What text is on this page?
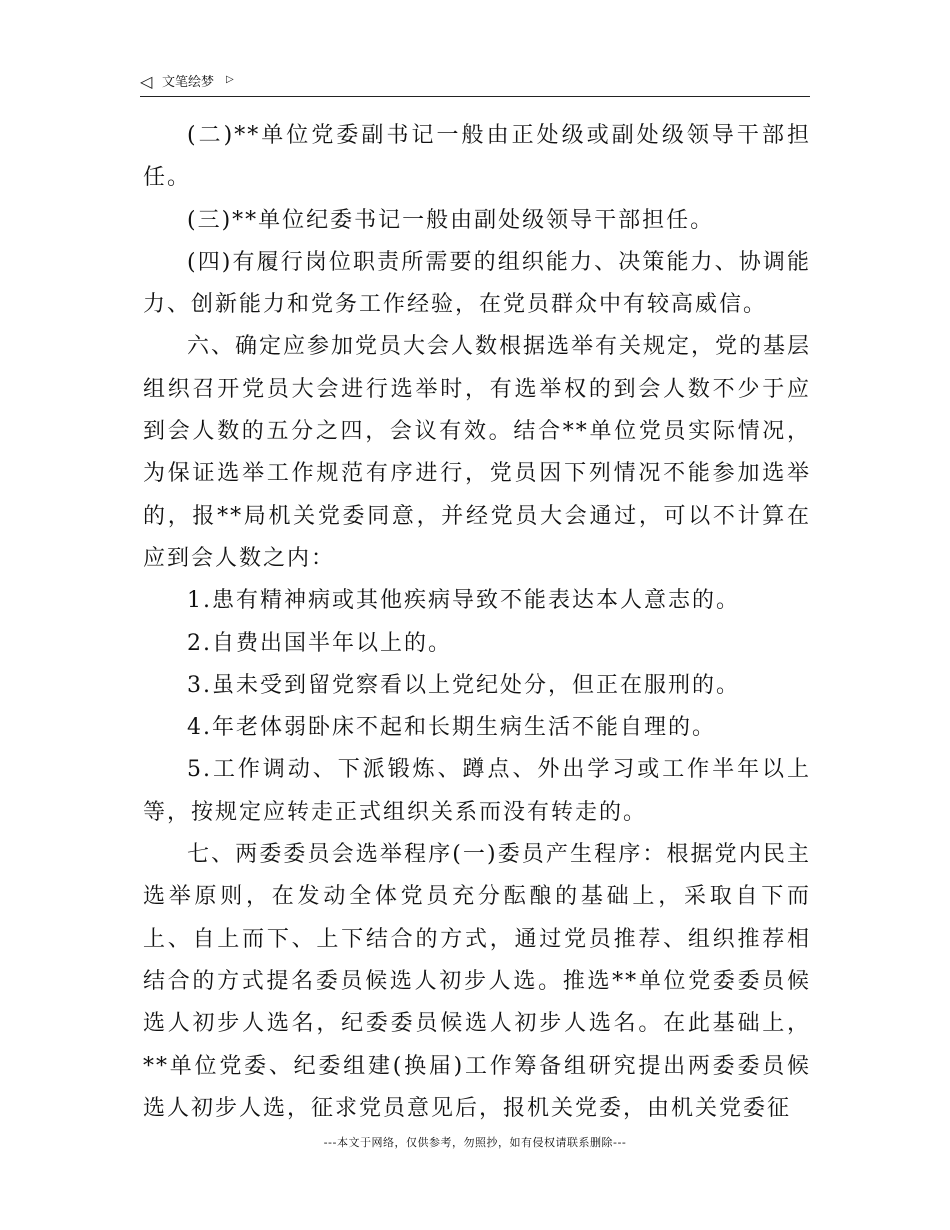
◁ 文笔绘梦 ▷

(二)**单位党委副书记一般由正处级或副处级领导干部担任。

(三)**单位纪委书记一般由副处级领导干部担任。

(四)有履行岗位职责所需要的组织能力、决策能力、协调能力、创新能力和党务工作经验，在党员群众中有较高威信。

六、确定应参加党员大会人数根据选举有关规定，党的基层组织召开党员大会进行选举时，有选举权的到会人数不少于应到会人数的五分之四，会议有效。结合**单位党员实际情况，为保证选举工作规范有序进行，党员因下列情况不能参加选举的，报**局机关党委同意，并经党员大会通过，可以不计算在应到会人数之内：

1.患有精神病或其他疾病导致不能表达本人意志的。

2.自费出国半年以上的。

3.虽未受到留党察看以上党纪处分，但正在服刑的。

4.年老体弱卧床不起和长期生病生活不能自理的。

5.工作调动、下派锻炼、蹲点、外出学习或工作半年以上等，按规定应转走正式组织关系而没有转走的。

七、两委委员会选举程序(一)委员产生程序：根据党内民主选举原则，在发动全体党员充分酝酿的基础上，采取自下而上、自上而下、上下结合的方式，通过党员推荐、组织推荐相结合的方式提名委员候选人初步人选。推选**单位党委委员候选人初步人选名，纪委委员候选人初步人选名。在此基础上，**单位党委、纪委组建(换届)工作筹备组研究提出两委委员候选人初步人选，征求党员意见后，报机关党委，由机关党委征

---本文于网络，仅供参考，勿照抄，如有侵权请联系删除---
